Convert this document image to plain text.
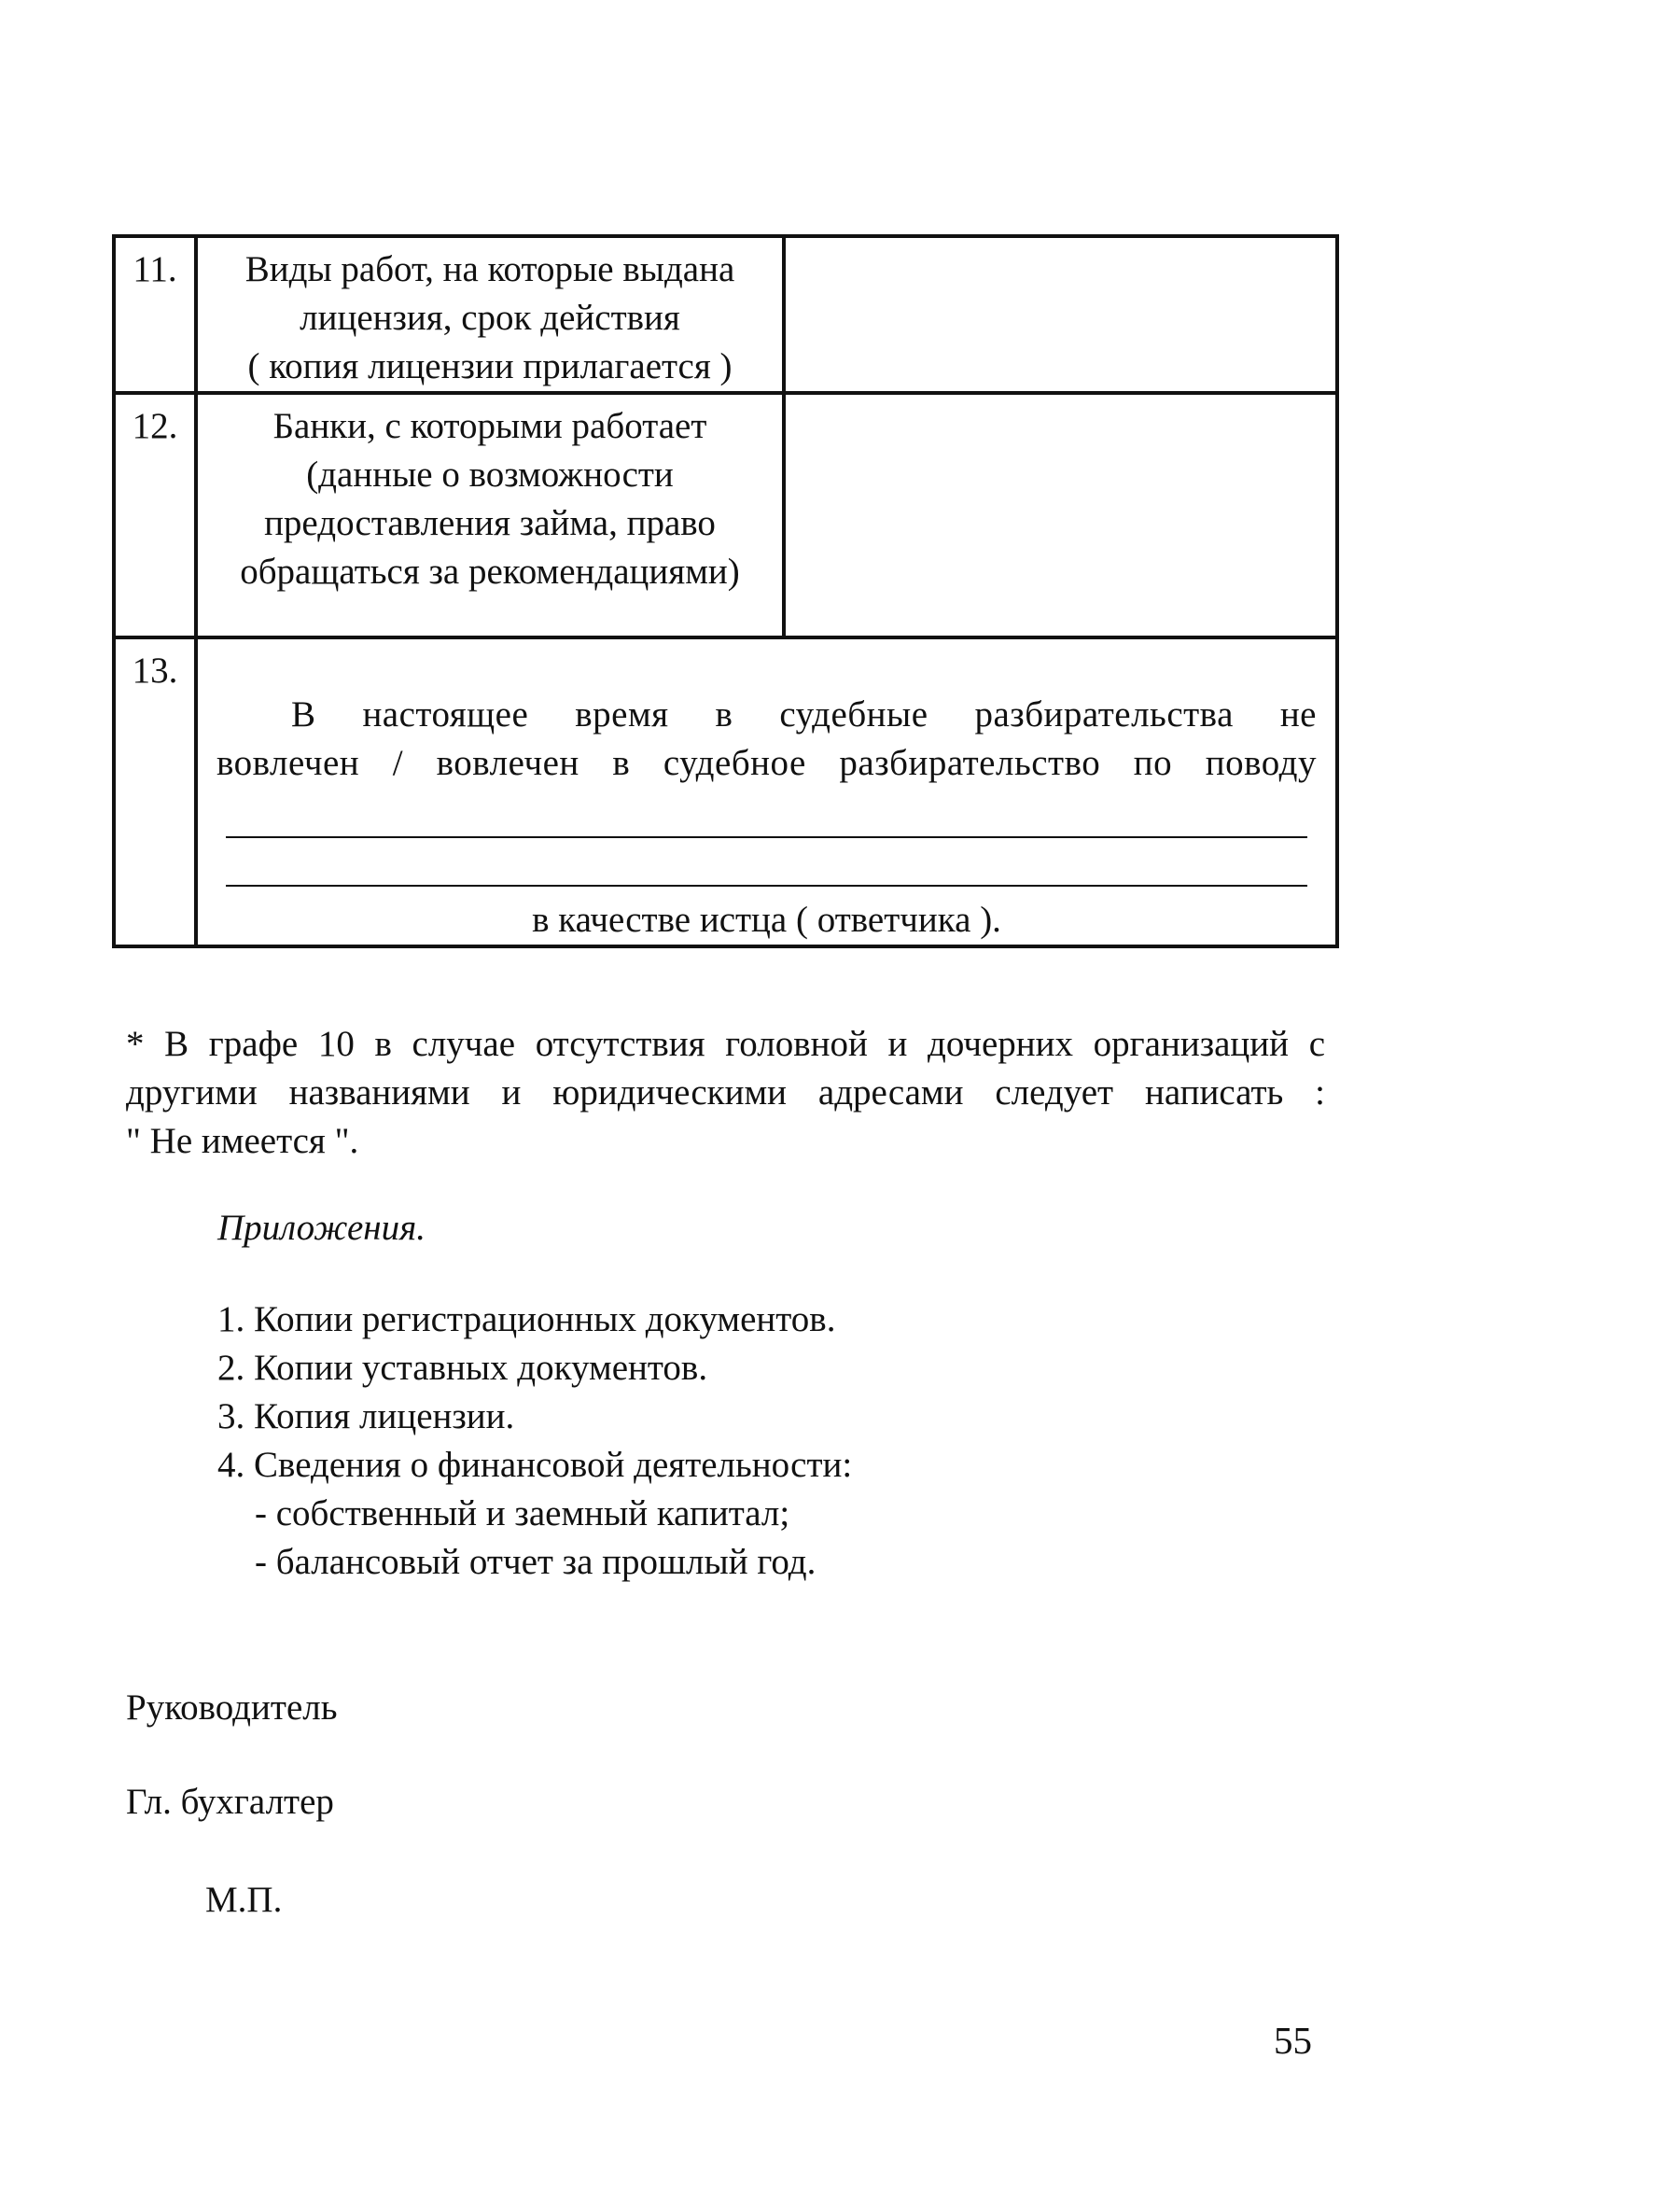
11.	Виды работ, на которые выдана
лицензия, срок действия
( копия лицензии прилагается )	

12.	Банки, с которыми работает
(данные о возможности
предоставления займа, право
обращаться за рекомендациями)	

13.	В настоящее время в судебные разбирательства не
вовлечен / вовлечен в судебное разбирательство по поводу
в качестве истца ( ответчика ).	
* В графе 10 в случае отсутствия головной и дочерних организаций с
другими названиями и юридическими адресами следует написать :
" Не имеется ".
Приложения.
1. Копии регистрационных документов.
2. Копии уставных документов.
3. Копия лицензии.
4. Сведения о финансовой деятельности:
- собственный и заемный капитал;
- балансовый отчет за прошлый год.
Руководитель
Гл. бухгалтер
М.П.
55
